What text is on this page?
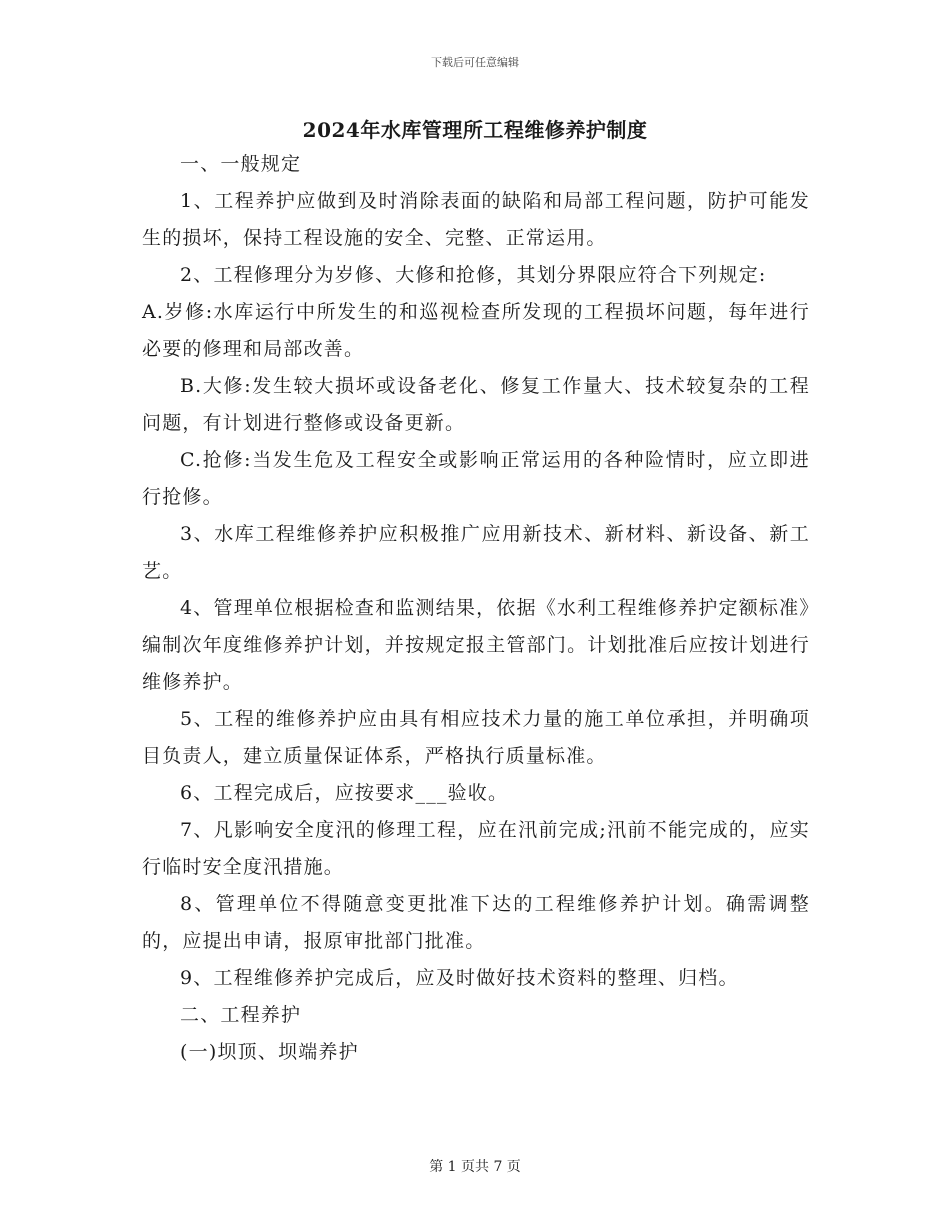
下载后可任意编辑
2024年水库管理所工程维修养护制度

一、一般规定

1、工程养护应做到及时消除表面的缺陷和局部工程问题，防护可能发生的损坏，保持工程设施的安全、完整、正常运用。

2、工程修理分为岁修、大修和抢修，其划分界限应符合下列规定:

A.岁修:水库运行中所发生的和巡视检查所发现的工程损坏问题，每年进行必要的修理和局部改善。

B.大修:发生较大损坏或设备老化、修复工作量大、技术较复杂的工程问题，有计划进行整修或设备更新。

C.抢修:当发生危及工程安全或影响正常运用的各种险情时，应立即进行抢修。

3、水库工程维修养护应积极推广应用新技术、新材料、新设备、新工艺。

4、管理单位根据检查和监测结果，依据《水利工程维修养护定额标准》编制次年度维修养护计划，并按规定报主管部门。计划批准后应按计划进行维修养护。

5、工程的维修养护应由具有相应技术力量的施工单位承担，并明确项目负责人，建立质量保证体系，严格执行质量标准。

6、工程完成后，应按要求___验收。

7、凡影响安全度汛的修理工程，应在汛前完成;汛前不能完成的，应实行临时安全度汛措施。

8、管理单位不得随意变更批准下达的工程维修养护计划。确需调整的，应提出申请，报原审批部门批准。

9、工程维修养护完成后，应及时做好技术资料的整理、归档。

二、工程养护

(一)坝顶、坝端养护

第 1 页共 7 页
